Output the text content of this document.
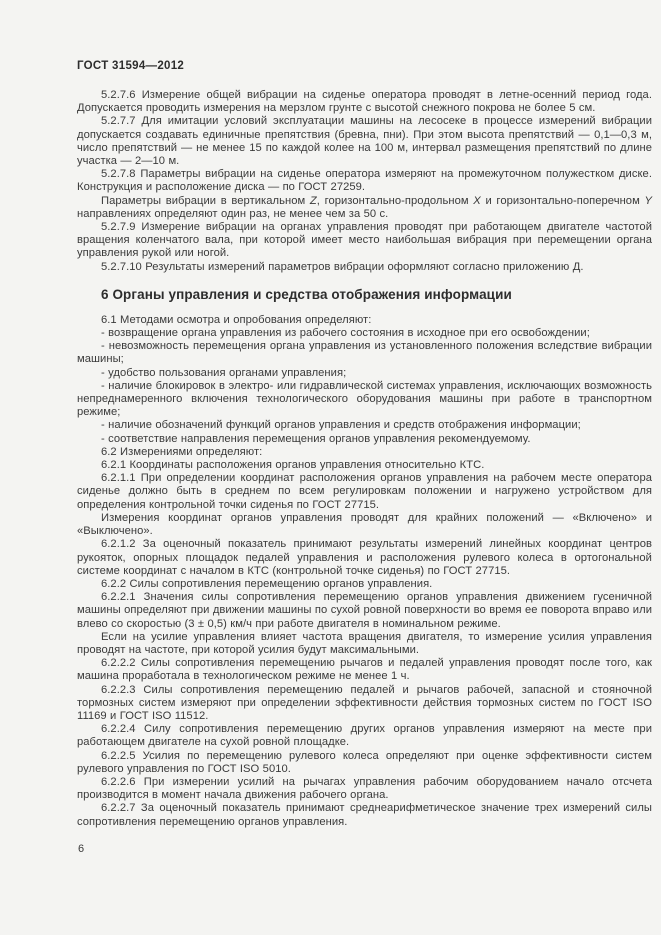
ГОСТ 31594—2012

5.2.7.6 Измерение общей вибрации на сиденье оператора проводят в летне-осенний период года. Допускается проводить измерения на мерзлом грунте с высотой снежного покрова не более 5 см.

5.2.7.7 Для имитации условий эксплуатации машины на лесосеке в процессе измерений вибрации допускается создавать единичные препятствия (бревна, пни). При этом высота препятствий — 0,1—0,3 м, число препятствий — не менее 15 по каждой колее на 100 м, интервал размещения препятствий по длине участка — 2—10 м.

5.2.7.8 Параметры вибрации на сиденье оператора измеряют на промежуточном полужестком диске. Конструкция и расположение диска — по ГОСТ 27259.

Параметры вибрации в вертикальном Z, горизонтально-продольном X и горизонтально-поперечном Y направлениях определяют один раз, не менее чем за 50 с.

5.2.7.9 Измерение вибрации на органах управления проводят при работающем двигателе частотой вращения коленчатого вала, при которой имеет место наибольшая вибрация при перемещении органа управления рукой или ногой.

5.2.7.10 Результаты измерений параметров вибрации оформляют согласно приложению Д.

6 Органы управления и средства отображения информации

6.1 Методами осмотра и опробования определяют:

- возвращение органа управления из рабочего состояния в исходное при его освобождении;

- невозможность перемещения органа управления из установленного положения вследствие вибрации машины;

- удобство пользования органами управления;

- наличие блокировок в электро- или гидравлической системах управления, исключающих возможность непреднамеренного включения технологического оборудования машины при работе в транспортном режиме;

- наличие обозначений функций органов управления и средств отображения информации;

- соответствие направления перемещения органов управления рекомендуемому.

6.2 Измерениями определяют:

6.2.1 Координаты расположения органов управления относительно КТС.

6.2.1.1 При определении координат расположения органов управления на рабочем месте оператора сиденье должно быть в среднем по всем регулировкам положении и нагружено устройством для определения контрольной точки сиденья по ГОСТ 27715.

Измерения координат органов управления проводят для крайних положений — «Включено» и «Выключено».

6.2.1.2 За оценочный показатель принимают результаты измерений линейных координат центров рукояток, опорных площадок педалей управления и расположения рулевого колеса в ортогональной системе координат с началом в КТС (контрольной точке сиденья) по ГОСТ 27715.

6.2.2 Силы сопротивления перемещению органов управления.

6.2.2.1 Значения силы сопротивления перемещению органов управления движением гусеничной машины определяют при движении машины по сухой ровной поверхности во время ее поворота вправо или влево со скоростью (3 ± 0,5) км/ч при работе двигателя в номинальном режиме.

Если на усилие управления влияет частота вращения двигателя, то измерение усилия управления проводят на частоте, при которой усилия будут максимальными.

6.2.2.2 Силы сопротивления перемещению рычагов и педалей управления проводят после того, как машина проработала в технологическом режиме не менее 1 ч.

6.2.2.3 Силы сопротивления перемещению педалей и рычагов рабочей, запасной и стояночной тормозных систем измеряют при определении эффективности действия тормозных систем по ГОСТ ISO 11169 и ГОСТ ISO 11512.

6.2.2.4 Силу сопротивления перемещению других органов управления измеряют на месте при работающем двигателе на сухой ровной площадке.

6.2.2.5 Усилия по перемещению рулевого колеса определяют при оценке эффективности систем рулевого управления по ГОСТ ISO 5010.

6.2.2.6 При измерении усилий на рычагах управления рабочим оборудованием начало отсчета производится в момент начала движения рабочего органа.

6.2.2.7 За оценочный показатель принимают среднеарифметическое значение трех измерений силы сопротивления перемещению органов управления.

6
